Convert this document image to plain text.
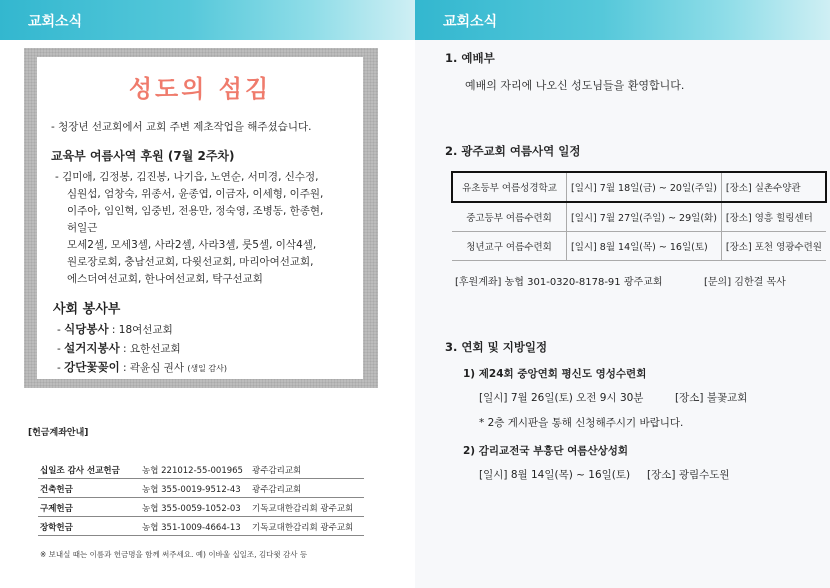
교회소식
성도의 섬김
- 청장년 선교회에서 교회 주변 제초작업을 해주셨습니다.
교육부 여름사역 후원 (7월 2주차)
- 김미애, 김정봉, 김진봉, 나기읍, 노연순, 서미경, 신수정,
심원섭, 엄창숙, 위종서, 윤종엽, 이금자, 이세형, 이주원,
이주아, 임인혁, 임중빈, 전용만, 정숙영, 조병동, 한종현,
허일근
모세2셀, 모세3셀, 사라2셀, 사라3셀, 룻5셀, 이삭4셀,
원로장로회, 충남선교회, 다윗선교회, 마리아여선교회,
에스더여선교회, 한나여선교회, 탁구선교회
사회 봉사부
- 식당봉사 : 18여선교회
- 설거지봉사 : 요한선교회
- 강단꽃꽂이 : 곽윤심 권사 (생일 감사)
[헌금계좌안내]
십일조 감사 선교헌금	농협 221012-55-001965 광주감리교회
건축헌금	농협 355-0019-9512-43 광주감리교회
구제헌금	농협 355-0059-1052-03 기독교대한감리회 광주교회
장학헌금	농협 351-1009-4664-13 기독교대한감리회 광주교회
※ 보내실 때는 이름과 헌금명을 함께 써주세요. 예) 이바울 십일조, 김다윗 감사 등
교회소식
1. 예배부
예배의 자리에 나오신 성도님들을 환영합니다.
2. 광주교회 여름사역 일정
유초등부 여름성경학교	[일시] 7월 18일(금) ~ 20일(주일)	[장소] 실촌수양관
중고등부 여름수련회	[일시] 7월 27일(주일) ~ 29일(화)	[장소] 영흥 힐링센터
청년교구 여름수련회	[일시] 8월 14일(목) ~ 16일(토)	[장소] 포천 영광수련원
[후원계좌] 농협 301-0320-8178-91 광주교회	[문의] 김한결 목사
3. 연회 및 지방일정
1) 제24회 중앙연회 평신도 영성수련회
[일시] 7월 26일(토) 오전 9시 30분	[장소] 불꽃교회
* 2층 게시판을 통해 신청해주시기 바랍니다.
2) 감리교전국 부흥단 여름산상성회
[일시] 8월 14일(목) ~ 16일(토) [장소] 광림수도원
